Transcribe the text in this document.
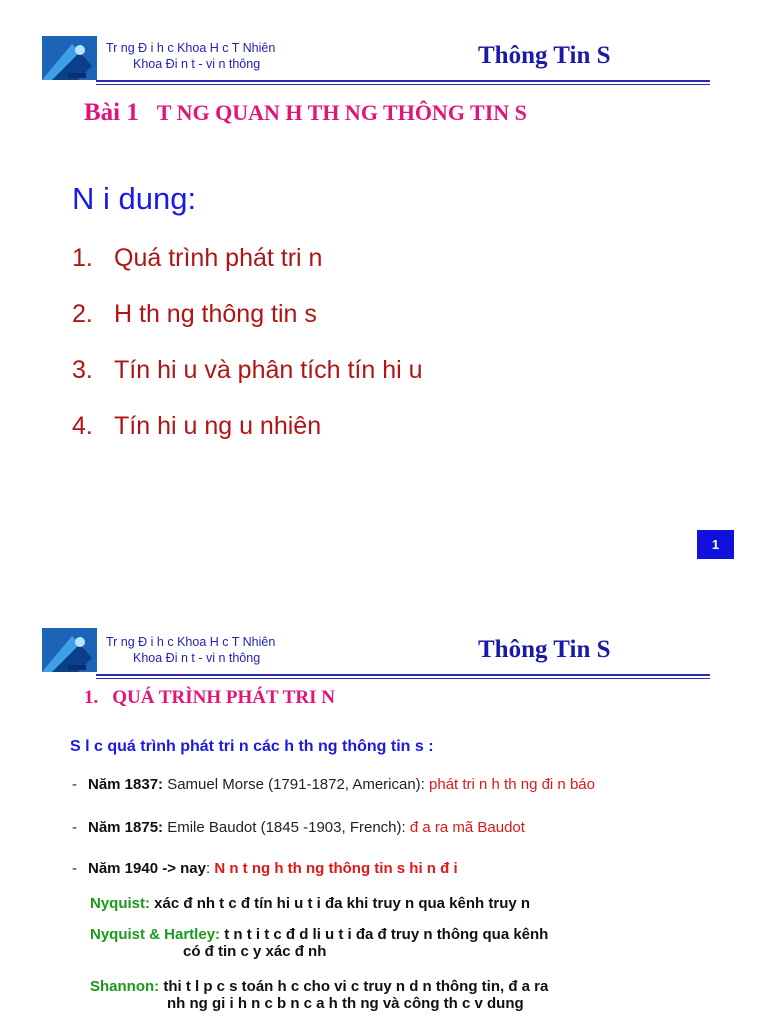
Tr ng Đ i h c Khoa H c T Nhiên
Khoa Đi n t - vi n thông	Thông Tin S
Bài 1 T NG QUAN H TH NG THÔNG TIN S
N i dung:
1. Quá trình phát tri n
2. H th ng thông tin s
3. Tín hi u và phân tích tín hi u
4. Tín hi u ng u nhiên
1
Tr ng Đ i h c Khoa H c T Nhiên
Khoa Đi n t - vi n thông	Thông Tin S
1. QUÁ TRÌNH PHÁT TRI N
S l c quá trình phát tri n các h th ng thông tin s :
- Năm 1837: Samuel Morse (1791-1872, American): phát tri n h th ng đi n báo
- Năm 1875: Emile Baudot (1845 -1903, French): đ a ra mã Baudot
- Năm 1940 -> nay: N n t ng h th ng thông tin s hi n đ i
Nyquist: xác đ nh t c đ tín hi u t i đa khi truy n qua kênh truy n
Nyquist & Hartley: t n t i t c đ d li u t i đa đ truy n thông qua kênh
có đ tin c y xác đ nh
Shannon: thi t l p c s toán h c cho vi c truy n d n thông tin, đ a ra
nh ng gi i h n c b n c a h th ng và công th c v dung
